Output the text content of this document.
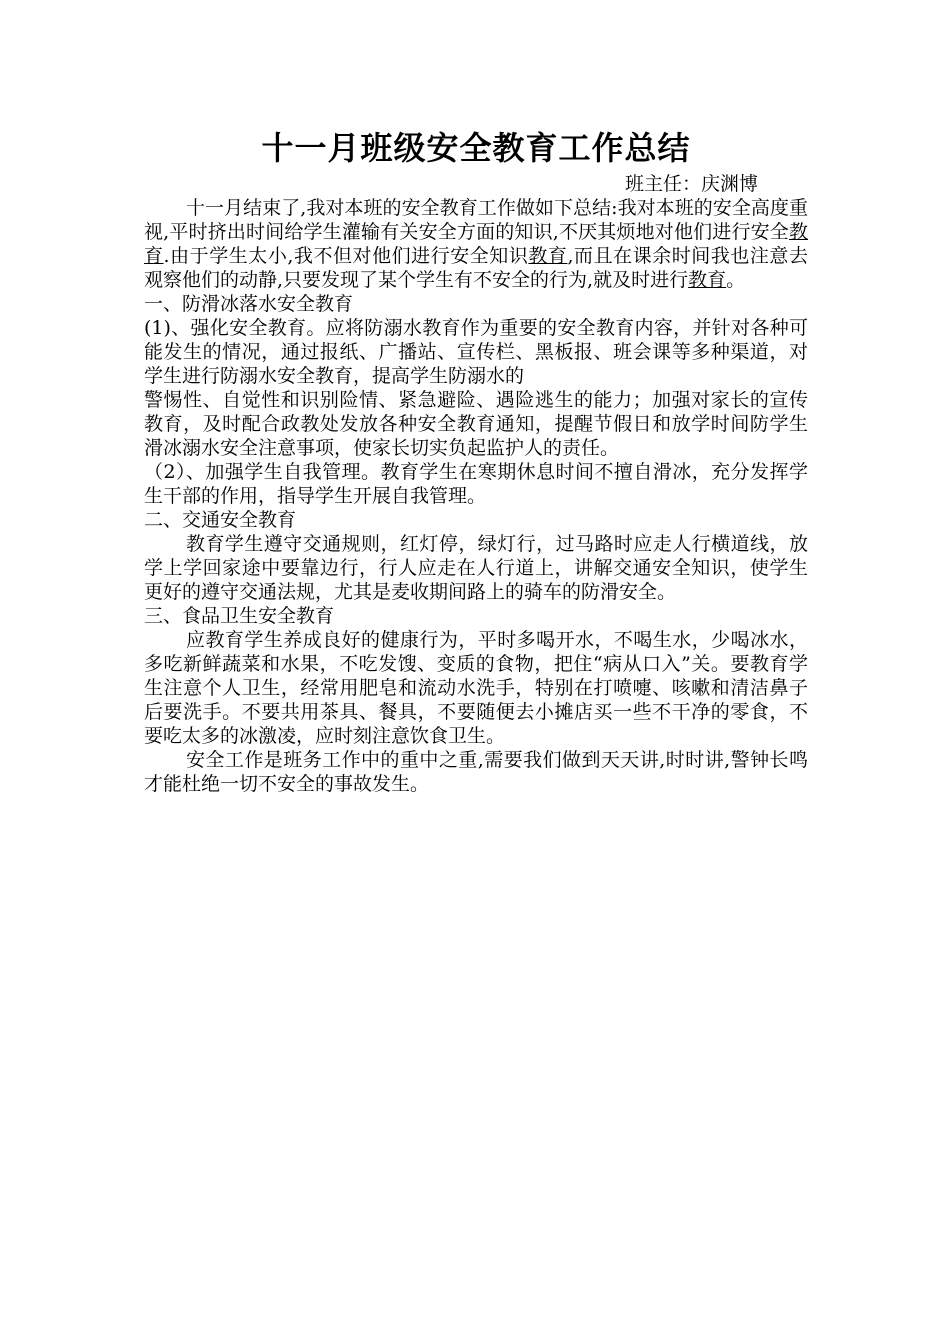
十一月班级安全教育工作总结

班主任：庆渊博

十一月结束了,我对本班的安全教育工作做如下总结:我对本班的安全高度重视,平时挤出时间给学生灌输有关安全方面的知识,不厌其烦地对他们进行安全教育.由于学生太小,我不但对他们进行安全知识教育,而且在课余时间我也注意去观察他们的动静,只要发现了某个学生有不安全的行为,就及时进行教育。

一、防滑冰落水安全教育

(1)、强化安全教育。应将防溺水教育作为重要的安全教育内容，并针对各种可能发生的情况，通过报纸、广播站、宣传栏、黑板报、班会课等多种渠道，对学生进行防溺水安全教育，提高学生防溺水的

警惕性、自觉性和识别险情、紧急避险、遇险逃生的能力；加强对家长的宣传教育，及时配合政教处发放各种安全教育通知，提醒节假日和放学时间防学生滑冰溺水安全注意事项，使家长切实负起监护人的责任。

（2）、加强学生自我管理。教育学生在寒期休息时间不擅自滑冰，充分发挥学生干部的作用，指导学生开展自我管理。

二、交通安全教育

教育学生遵守交通规则，红灯停，绿灯行，过马路时应走人行横道线，放学上学回家途中要靠边行，行人应走在人行道上，讲解交通安全知识，使学生更好的遵守交通法规，尤其是麦收期间路上的骑车的防滑安全。

三、食品卫生安全教育

应教育学生养成良好的健康行为，平时多喝开水，不喝生水，少喝冰水，多吃新鲜蔬菜和水果，不吃发馊、变质的食物，把住“病从口入”关。要教育学生注意个人卫生，经常用肥皂和流动水洗手，特别在打喷嚏、咳嗽和清洁鼻子后要洗手。不要共用茶具、餐具，不要随便去小摊店买一些不干净的零食，不要吃太多的冰激凌，应时刻注意饮食卫生。

安全工作是班务工作中的重中之重,需要我们做到天天讲,时时讲,警钟长鸣才能杜绝一切不安全的事故发生。
